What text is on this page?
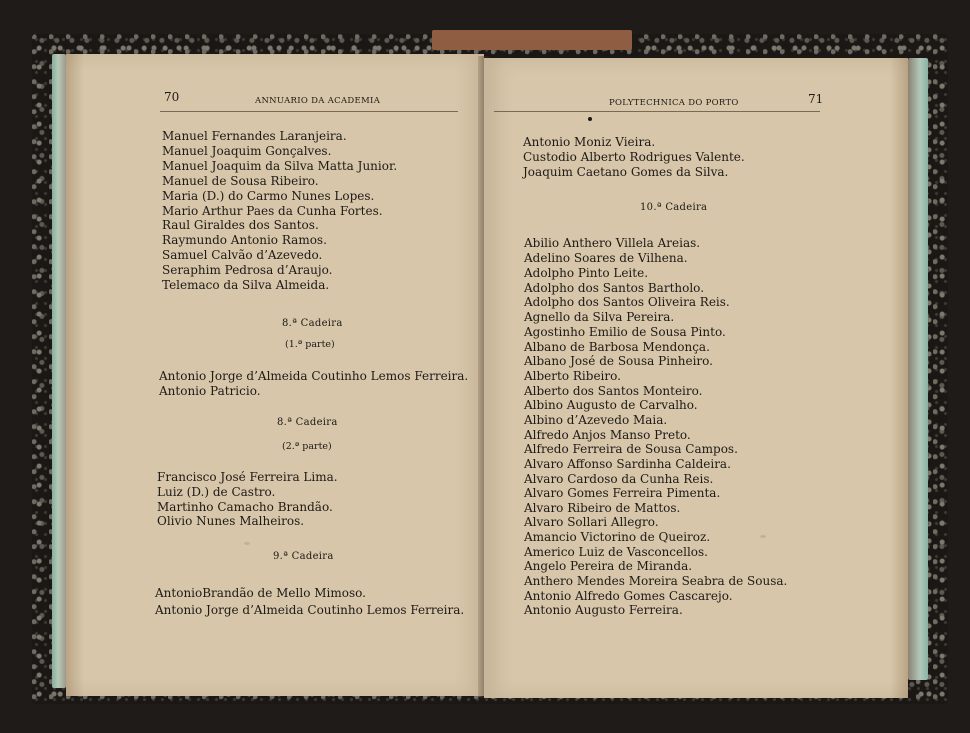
70	ANNUARIO DA ACADEMIA
Manuel Fernandes Laranjeira.
Manuel Joaquim Gonçalves.
Manuel Joaquim da Silva Matta Junior.
Manuel de Sousa Ribeiro.
Maria (D.) do Carmo Nunes Lopes.
Mario Arthur Paes da Cunha Fortes.
Raul Giraldes dos Santos.
Raymundo Antonio Ramos.
Samuel Calvão d’Azevedo.
Seraphim Pedrosa d’Araujo.
Telemaco da Silva Almeida.
8.ª Cadeira
(1.ª parte)
Antonio Jorge d’Almeida Coutinho Lemos Ferreira.
Antonio Patricio.
8.ª Cadeira
(2.ª parte)
Francisco José Ferreira Lima.
Luiz (D.) de Castro.
Martinho Camacho Brandão.
Olivio Nunes Malheiros.
9.ª Cadeira
AntonioBrandão de Mello Mimoso.
Antonio Jorge d’Almeida Coutinho Lemos Ferreira.
POLYTECHNICA DO PORTO	71
Antonio Moniz Vieira.
Custodio Alberto Rodrigues Valente.
Joaquim Caetano Gomes da Silva.
10.ª Cadeira
Abilio Anthero Villela Areias.
Adelino Soares de Vilhena.
Adolpho Pinto Leite.
Adolpho dos Santos Bartholo.
Adolpho dos Santos Oliveira Reis.
Agnello da Silva Pereira.
Agostinho Emilio de Sousa Pinto.
Albano de Barbosa Mendonça.
Albano José de Sousa Pinheiro.
Alberto Ribeiro.
Alberto dos Santos Monteiro.
Albino Augusto de Carvalho.
Albino d’Azevedo Maia.
Alfredo Anjos Manso Preto.
Alfredo Ferreira de Sousa Campos.
Alvaro Affonso Sardinha Caldeira.
Alvaro Cardoso da Cunha Reis.
Alvaro Gomes Ferreira Pimenta.
Alvaro Ribeiro de Mattos.
Alvaro Sollari Allegro.
Amancio Victorino de Queiroz.
Americo Luiz de Vasconcellos.
Angelo Pereira de Miranda.
Anthero Mendes Moreira Seabra de Sousa.
Antonio Alfredo Gomes Cascarejo.
Antonio Augusto Ferreira.
